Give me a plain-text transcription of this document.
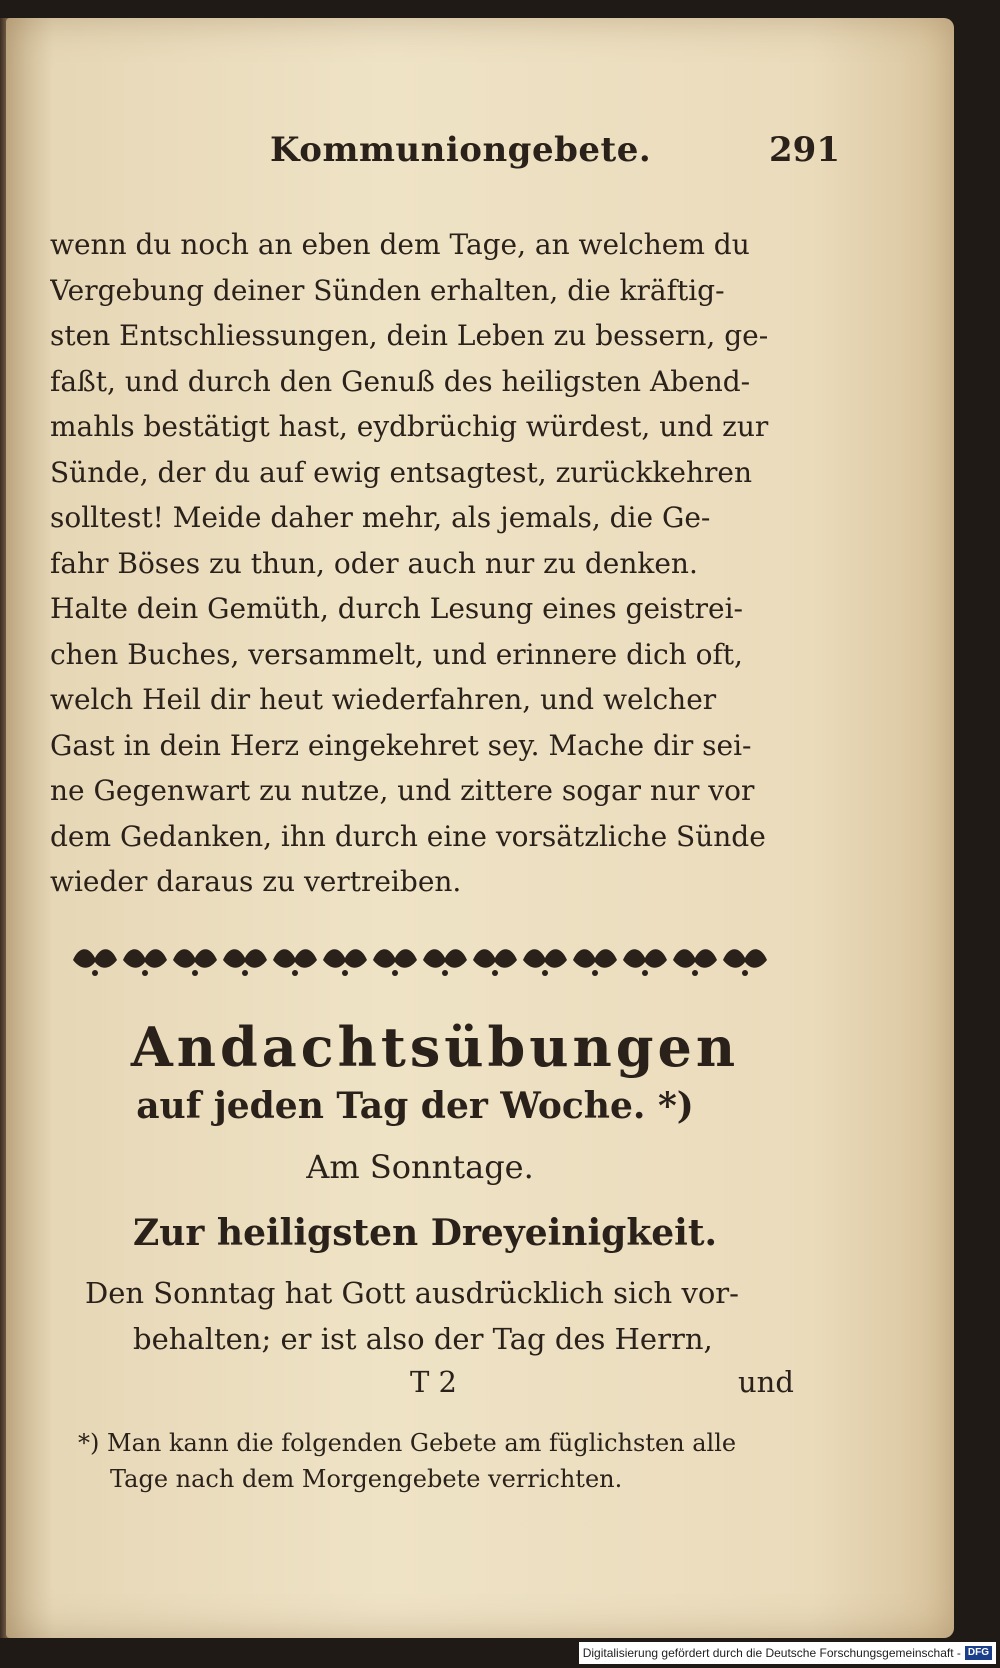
Kommuniongebete.	291
wenn du noch an eben dem Tage, an welchem du
Vergebung deiner Sünden erhalten, die kräftig-
sten Entschliessungen, dein Leben zu bessern, ge-
faßt, und durch den Genuß des heiligsten Abend-
mahls bestätigt hast, eydbrüchig würdest, und zur
Sünde, der du auf ewig entsagtest, zurückkehren
solltest! Meide daher mehr, als jemals, die Ge-
fahr Böses zu thun, oder auch nur zu denken.
Halte dein Gemüth, durch Lesung eines geistrei-
chen Buches, versammelt, und erinnere dich oft,
welch Heil dir heut wiederfahren, und welcher
Gast in dein Herz eingekehret sey. Mache dir sei-
ne Gegenwart zu nutze, und zittere sogar nur vor
dem Gedanken, ihn durch eine vorsätzliche Sünde
wieder daraus zu vertreiben.
Andachtsübungen
auf jeden Tag der Woche. *)
Am Sonntage.
Zur heiligsten Dreyeinigkeit.
Den Sonntag hat Gott ausdrücklich sich vor-
behalten; er ist also der Tag des Herrn,
T 2	und
*) Man kann die folgenden Gebete am füglichsten alle
Tage nach dem Morgengebete verrichten.
Digitalisierung gefördert durch die Deutsche Forschungsgemeinschaft - DFG
